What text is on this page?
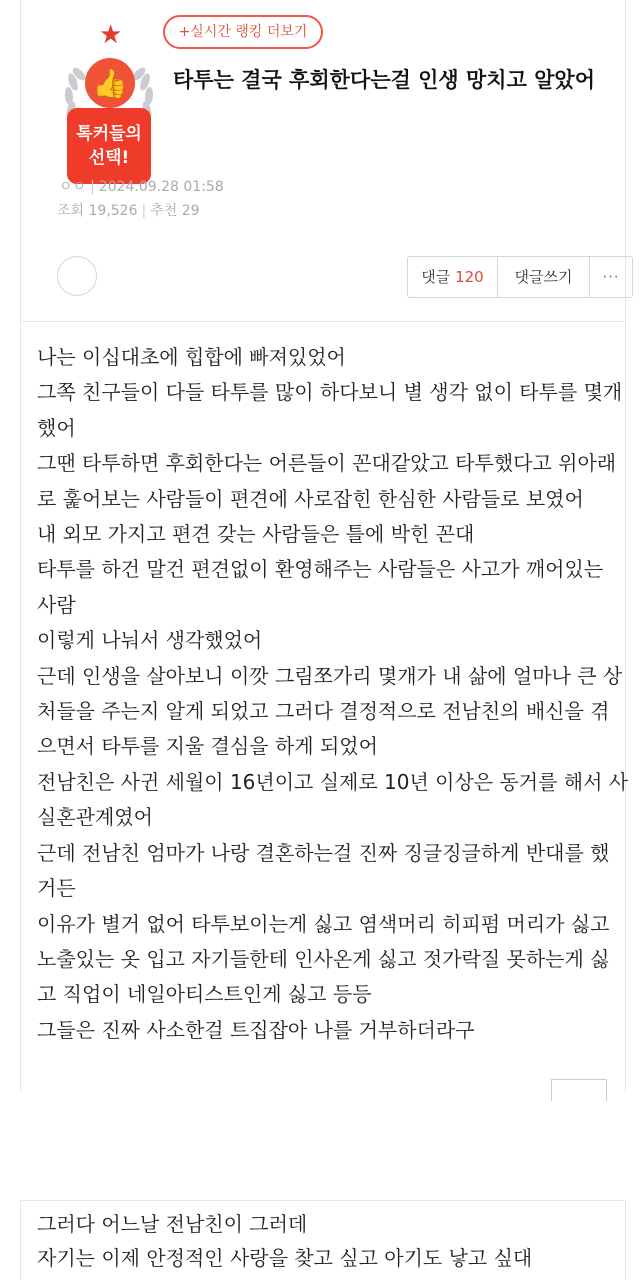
★
👍
톡커들의
선택!
+실시간 랭킹 더보기
타투는 결국 후회한다는걸 인생 망치고 알았어
ㅇㅇ | 2024.09.28 01:58
조회 19,526 | 추천 29
댓글 120	댓글쓰기	···

나는 이십대초에 힙합에 빠져있었어

그쪽 친구들이 다들 타투를 많이 하다보니 별 생각 없이 타투를 몇개

했어

그땐 타투하면 후회한다는 어른들이 꼰대같았고 타투했다고 위아래

로 훑어보는 사람들이 편견에 사로잡힌 한심한 사람들로 보였어

내 외모 가지고 편견 갖는 사람들은 틀에 박힌 꼰대

타투를 하건 말건 편견없이 환영해주는 사람들은 사고가 깨어있는

사람

이렇게 나눠서 생각했었어

근데 인생을 살아보니 이깟 그림쪼가리 몇개가 내 삶에 얼마나 큰 상

처들을 주는지 알게 되었고 그러다 결정적으로 전남친의 배신을 겪

으면서 타투를 지울 결심을 하게 되었어

전남친은 사귄 세월이 16년이고 실제로 10년 이상은 동거를 해서 사

실혼관계였어

근데 전남친 엄마가 나랑 결혼하는걸 진짜 징글징글하게 반대를 했

거든

이유가 별거 없어 타투보이는게 싫고 염색머리 히피펌 머리가 싫고

노출있는 옷 입고 자기들한테 인사온게 싫고 젓가락질 못하는게 싫

고 직업이 네일아티스트인게 싫고 등등

그들은 진짜 사소한걸 트집잡아 나를 거부하더라구

그러다 어느날 전남친이 그러데

자기는 이제 안정적인 사랑을 찾고 싶고 아기도 낳고 싶대
